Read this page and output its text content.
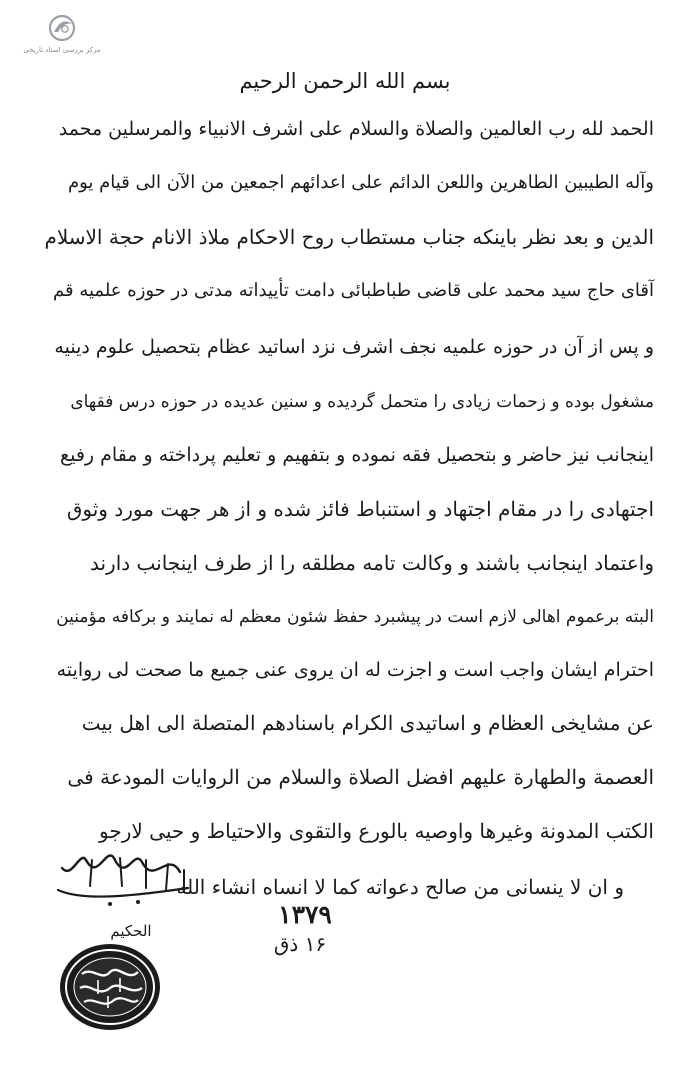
مرکز بررسی اسناد تاریخی
بسم الله الرحمن الرحیم
الحمد لله رب العالمین والصلاة والسلام علی اشرف الانبیاء والمرسلین محمد
وآله الطیبین الطاهرین واللعن الدائم علی اعدائهم اجمعین من الآن الی قیام یوم
الدین و بعد نظر باینکه جناب مستطاب روح الاحکام ملاذ الانام حجة الاسلام
آقای حاج سید محمد علی قاضی طباطبائی دامت تأییداته مدتی در حوزه علمیه قم
و پس از آن در حوزه علمیه نجف اشرف نزد اساتید عظام بتحصیل علوم دینیه
مشغول بوده و زحمات زیادی را متحمل گردیده و سنین عدیده در حوزه درس فقهای
اینجانب نیز حاضر و بتحصیل فقه نموده و بتفهیم و تعلیم پرداخته و مقام رفیع
اجتهادی را در مقام اجتهاد و استنباط فائز شده و از هر جهت مورد وثوق
واعتماد اینجانب باشند و وکالت تامه مطلقه را از طرف اینجانب دارند
البته برعموم اهالی لازم است در پیشبرد حفظ شئون معظم له نمایند و برکافه مؤمنین
احترام ایشان واجب است و اجزت له ان یروی عنی جمیع ما صحت لی روایته
عن مشایخی العظام و اساتیدی الکرام باسنادهم المتصلة الی اهل بیت
العصمة والطهارة علیهم افضل الصلاة والسلام من الروایات المودعة فی
الکتب المدونة وغیرها واوصیه بالورع والتقوی والاحتیاط و حیی لارجو
و ان لا ینسانی من صالح دعواته کما لا انساه انشاء الله
الحکیم
۱۳۷۹
۱۶ ذق
